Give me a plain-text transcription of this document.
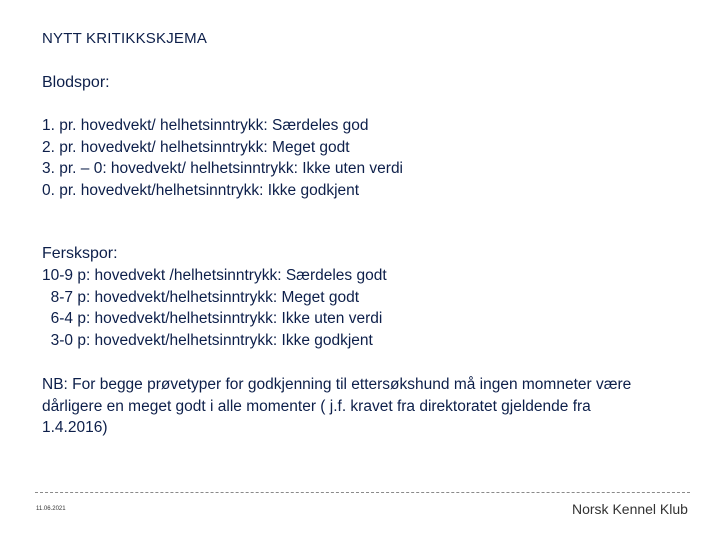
NYTT KRITIKKSKJEMA
Blodspor:
1. pr. hovedvekt/ helhetsinntrykk: Særdeles god
2. pr. hovedvekt/ helhetsinntrykk: Meget godt
3. pr. – 0: hovedvekt/ helhetsinntrykk: Ikke uten verdi
0. pr. hovedvekt/helhetsinntrykk: Ikke godkjent
Ferskspor:
10-9 p: hovedvekt /helhetsinntrykk: Særdeles godt
8-7 p: hovedvekt/helhetsinntrykk: Meget godt
6-4 p: hovedvekt/helhetsinntrykk: Ikke uten verdi
3-0 p: hovedvekt/helhetsinntrykk: Ikke godkjent
NB: For begge prøvetyper for godkjenning til ettersøkshund må ingen momneter være dårligere en meget godt i alle momenter ( j.f. kravet fra direktoratet gjeldende fra 1.4.2016)
11.06.2021	Norsk Kennel Klub
